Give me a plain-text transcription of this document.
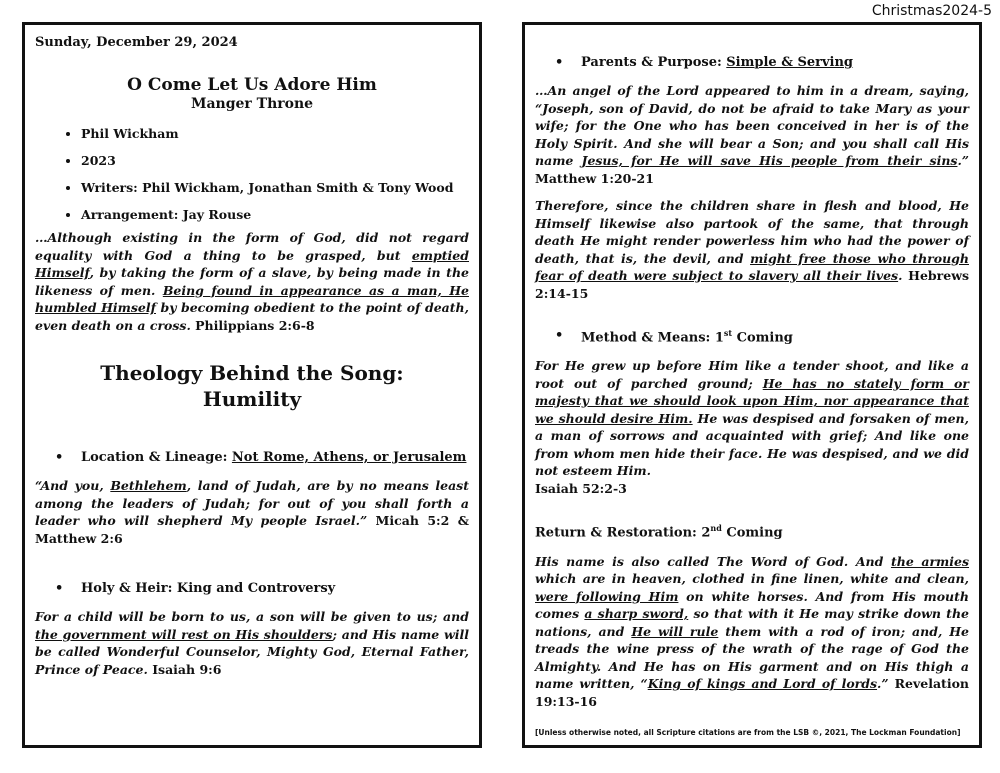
Christmas2024-5

Sunday, December 29, 2024

O Come Let Us Adore Him
Manger Throne
• Phil Wickham
• 2023
• Writers: Phil Wickham, Jonathan Smith & Tony Wood
• Arrangement: Jay Rouse

…Although existing in the form of God, did not regard equality with God a thing to be grasped, but emptied Himself, by taking the form of a slave, by being made in the likeness of men. Being found in appearance as a man, He humbled Himself by becoming obedient to the point of death, even death on a cross. Philippians 2:6-8

Theology Behind the Song:
Humility
• Location & Lineage: Not Rome, Athens, or Jerusalem

“And you, Bethlehem, land of Judah, are by no means least among the leaders of Judah; for out of you shall forth a leader who will shepherd My people Israel.” Micah 5:2 & Matthew 2:6

• Holy & Heir: King and Controversy

For a child will be born to us, a son will be given to us; and the government will rest on His shoulders; and His name will be called Wonderful Counselor, Mighty God, Eternal Father, Prince of Peace. Isaiah 9:6

• Parents & Purpose: Simple & Serving

…An angel of the Lord appeared to him in a dream, saying, “Joseph, son of David, do not be afraid to take Mary as your wife; for the One who has been conceived in her is of the Holy Spirit. And she will bear a Son; and you shall call His name Jesus, for He will save His people from their sins.” Matthew 1:20-21

Therefore, since the children share in flesh and blood, He Himself likewise also partook of the same, that through death He might render powerless him who had the power of death, that is, the devil, and might free those who through fear of death were subject to slavery all their lives. Hebrews 2:14-15

• Method & Means: 1st Coming

For He grew up before Him like a tender shoot, and like a root out of parched ground; He has no stately form or majesty that we should look upon Him, nor appearance that we should desire Him. He was despised and forsaken of men, a man of sorrows and acquainted with grief; And like one from whom men hide their face. He was despised, and we did not esteem Him.
Isaiah 52:2-3

Return & Restoration: 2nd Coming

His name is also called The Word of God. And the armies which are in heaven, clothed in fine linen, white and clean, were following Him on white horses. And from His mouth comes a sharp sword, so that with it He may strike down the nations, and He will rule them with a rod of iron; and, He treads the wine press of the wrath of the rage of God the Almighty. And He has on His garment and on His thigh a name written, “King of kings and Lord of lords.” Revelation 19:13-16

[Unless otherwise noted, all Scripture citations are from the LSB ©, 2021, The Lockman Foundation]
